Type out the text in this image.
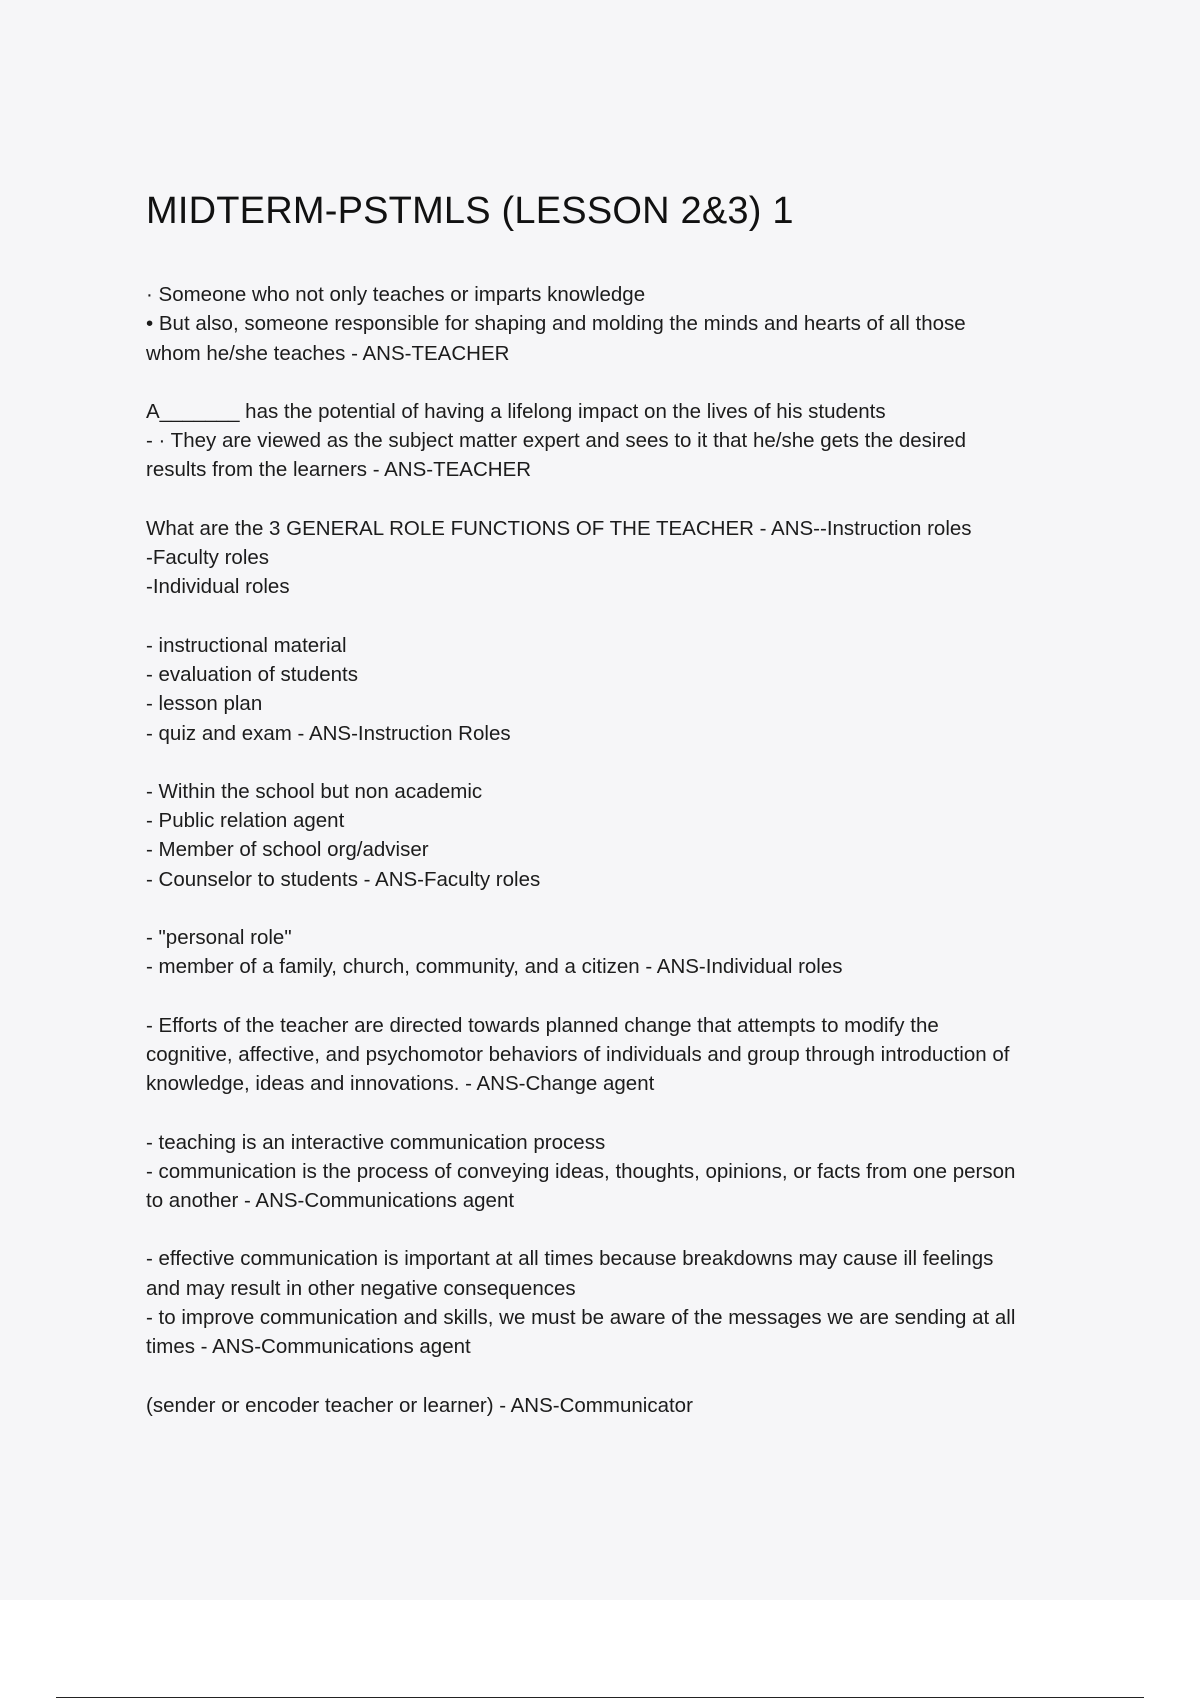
MIDTERM-PSTMLS (LESSON 2&3) 1
· Someone who not only teaches or imparts knowledge
• But also, someone responsible for shaping and molding the minds and hearts of all those
whom he/she teaches - ANS-TEACHER
A_______ has the potential of having a lifelong impact on the lives of his students
- · They are viewed as the subject matter expert and sees to it that he/she gets the desired
results from the learners - ANS-TEACHER
What are the 3 GENERAL ROLE FUNCTIONS OF THE TEACHER - ANS--Instruction roles
-Faculty roles
-Individual roles
- instructional material
- evaluation of students
- lesson plan
- quiz and exam - ANS-Instruction Roles
- Within the school but non academic
- Public relation agent
- Member of school org/adviser
- Counselor to students - ANS-Faculty roles
- "personal role"
- member of a family, church, community, and a citizen - ANS-Individual roles
- Efforts of the teacher are directed towards planned change that attempts to modify the
cognitive, affective, and psychomotor behaviors of individuals and group through introduction of
knowledge, ideas and innovations. - ANS-Change agent
- teaching is an interactive communication process
- communication is the process of conveying ideas, thoughts, opinions, or facts from one person
to another - ANS-Communications agent
- effective communication is important at all times because breakdowns may cause ill feelings
and may result in other negative consequences
- to improve communication and skills, we must be aware of the messages we are sending at all
times - ANS-Communications agent
(sender or encoder teacher or learner) - ANS-Communicator
